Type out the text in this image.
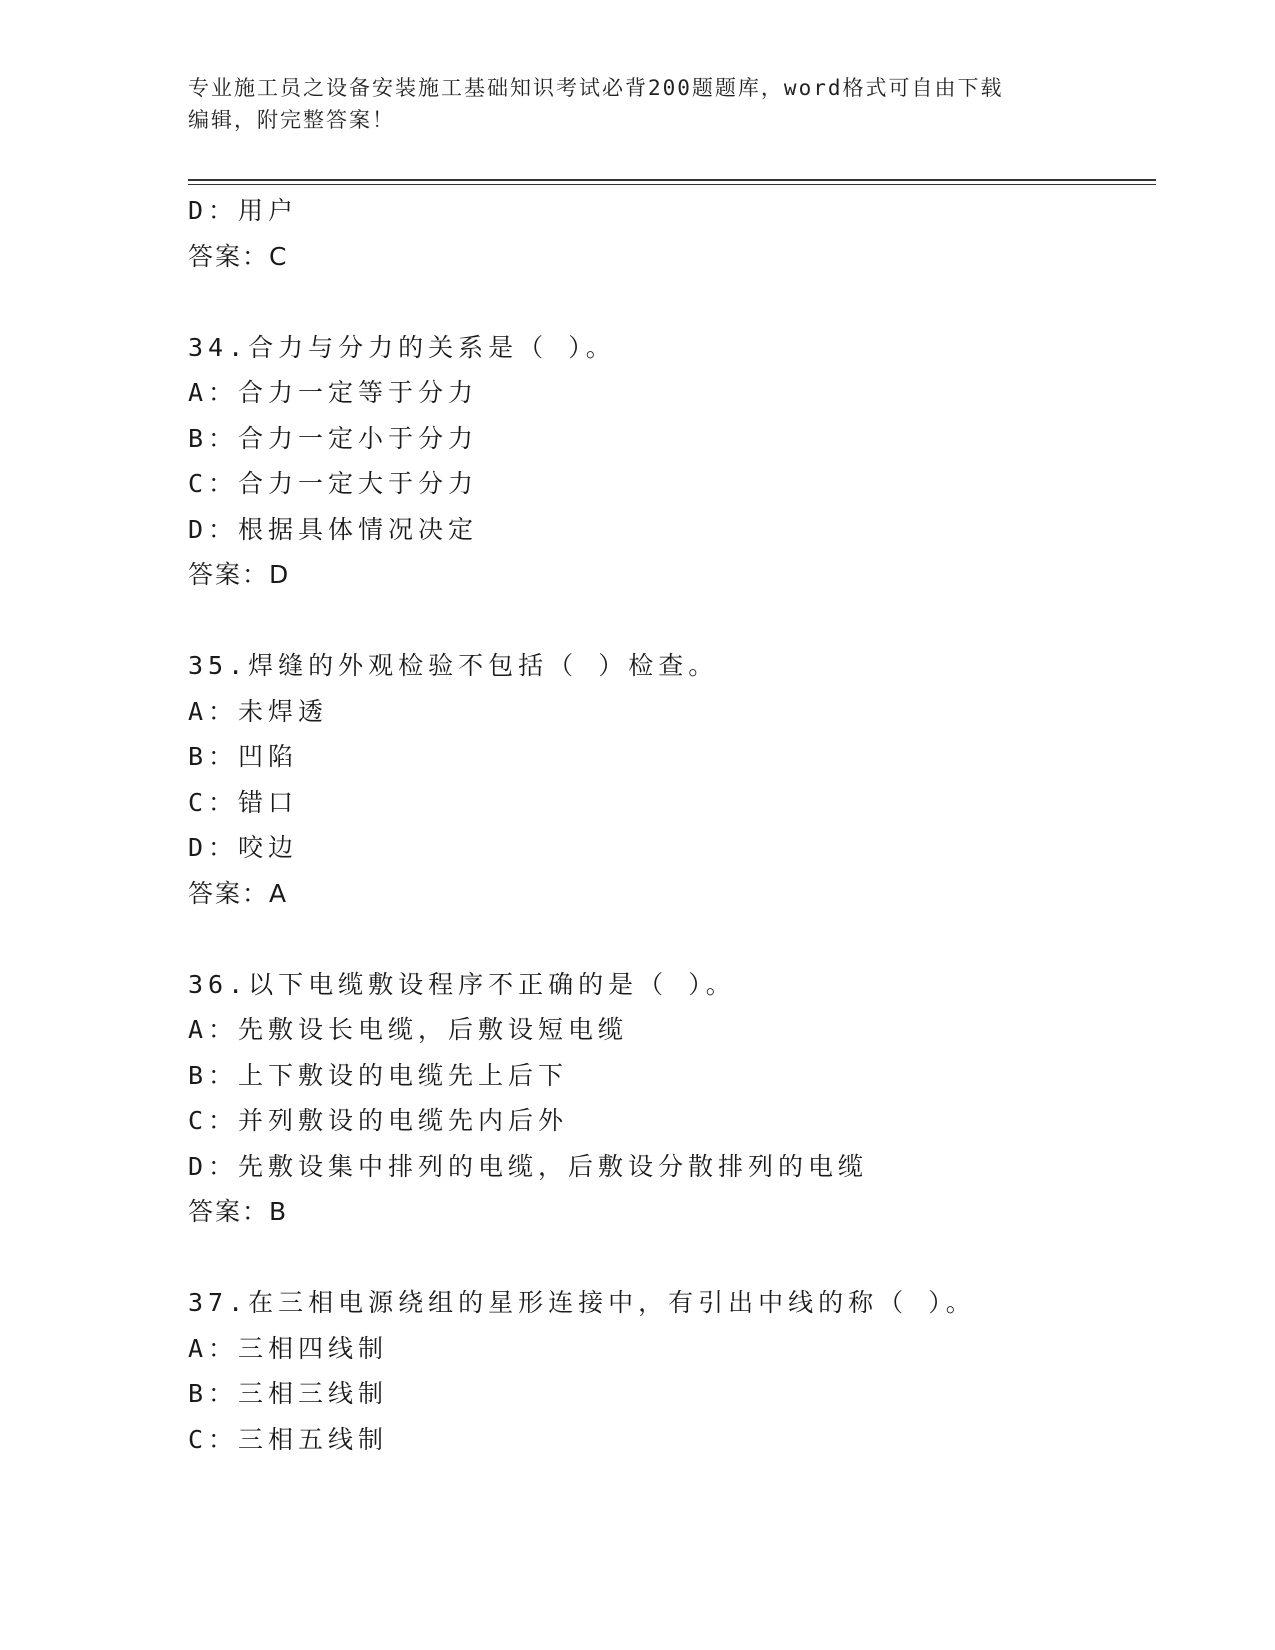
专业施工员之设备安装施工基础知识考试必背200题题库，word格式可自由下载
编辑，附完整答案！
D：用户
答案：C
34.合力与分力的关系是（ ）。
A：合力一定等于分力
B：合力一定小于分力
C：合力一定大于分力
D：根据具体情况决定
答案：D
35.焊缝的外观检验不包括（ ）检查。
A：未焊透
B：凹陷
C：错口
D：咬边
答案：A
36.以下电缆敷设程序不正确的是（ ）。
A：先敷设长电缆，后敷设短电缆
B：上下敷设的电缆先上后下
C：并列敷设的电缆先内后外
D：先敷设集中排列的电缆，后敷设分散排列的电缆
答案：B
37.在三相电源绕组的星形连接中，有引出中线的称（ ）。
A：三相四线制
B：三相三线制
C：三相五线制
